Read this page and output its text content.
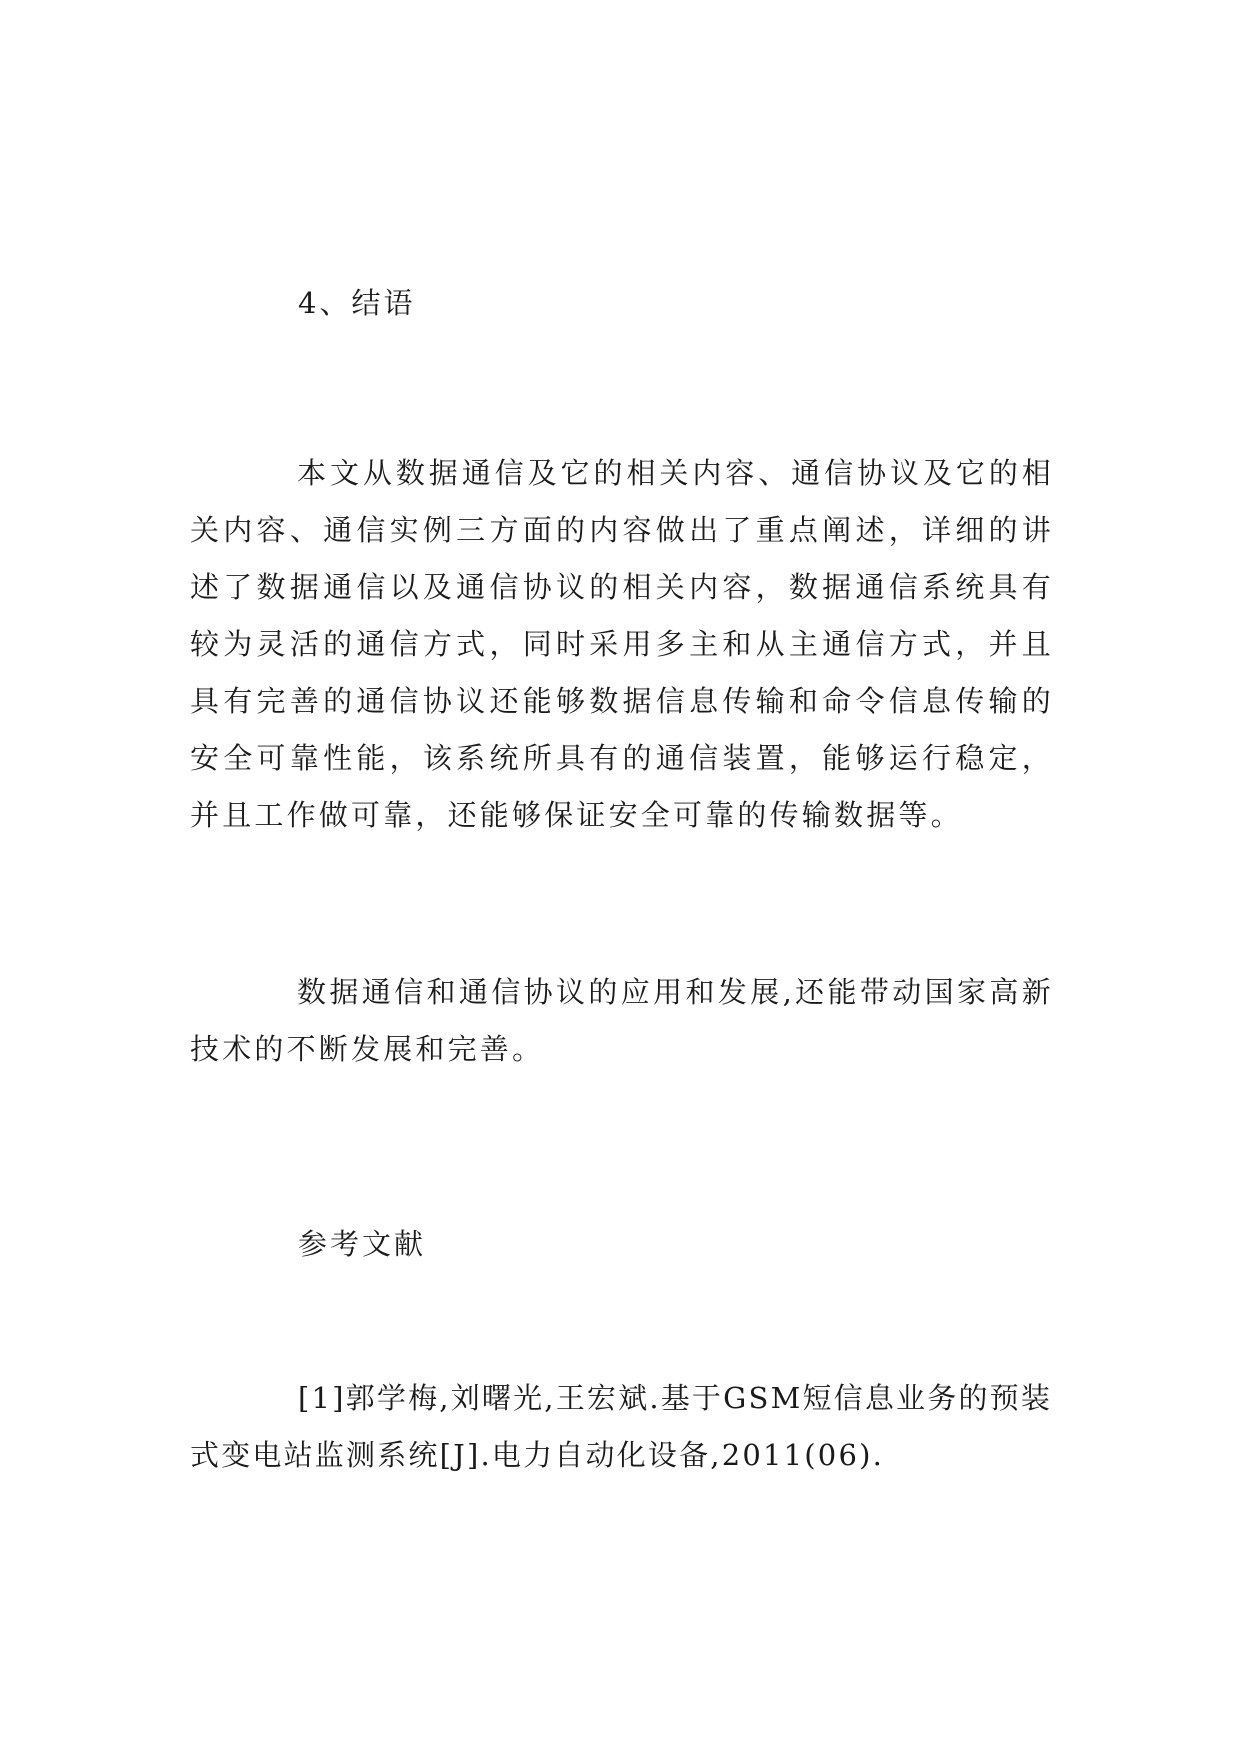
4、结语

本文从数据通信及它的相关内容、通信协议及它的相关内容、通信实例三方面的内容做出了重点阐述，详细的讲述了数据通信以及通信协议的相关内容，数据通信系统具有较为灵活的通信方式，同时采用多主和从主通信方式，并且具有完善的通信协议还能够数据信息传输和命令信息传输的安全可靠性能，该系统所具有的通信装置，能够运行稳定，并且工作做可靠，还能够保证安全可靠的传输数据等。

数据通信和通信协议的应用和发展,还能带动国家高新技术的不断发展和完善。

参考文献

[1]郭学梅,刘曙光,王宏斌.基于GSM短信息业务的预装式变电站监测系统[J].电力自动化设备,2011(06).
